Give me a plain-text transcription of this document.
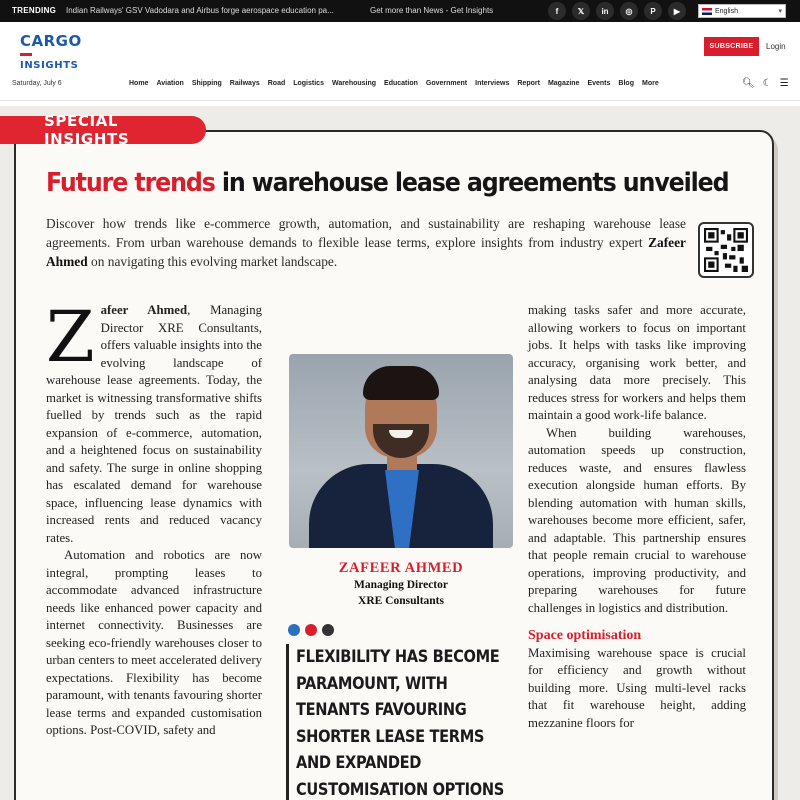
TRENDING Indian Railways' GSV Vadodara and Airbus forge aerospace education pa...	Get more than News - Get Insights	f	𝕏	in	◎	P	▶	English	▾
CARGO
INSIGHTS
SUBSCRIBE	Login
Saturday, July 6	Home Aviation Shipping Railways Road Logistics Warehousing Education Government Interviews Report Magazine Events Blog More	🔍︎ ☾ ☰
SPECIAL INSIGHTS
Future trends in warehouse lease agreements unveiled

Discover how trends like e-commerce growth, automation, and sustainability are reshaping warehouse lease agreements. From urban warehouse demands to flexible lease terms, explore insights from industry expert Zafeer Ahmed on navigating this evolving market landscape.

Z afeer Ahmed, Managing Director XRE Consultants, offers valuable insights into the evolving landscape of warehouse lease agreements. Today, the market is witnessing transformative shifts fuelled by trends such as the rapid expansion of e-commerce, automation, and a heightened focus on sustainability and safety. The surge in online shopping has escalated demand for warehouse space, influencing lease dynamics with increased rents and reduced vacancy rates.

Automation and robotics are now integral, prompting leases to accommodate advanced infrastructure needs like enhanced power capacity and internet connectivity. Businesses are seeking eco-friendly warehouses closer to urban centers to meet accelerated delivery expectations. Flexibility has become paramount, with tenants favouring shorter lease terms and expanded customisation options. Post-COVID, safety and

ZAFEER AHMED
Managing Director
XRE Consultants
FLEXIBILITY HAS BECOME PARAMOUNT, WITH TENANTS FAVOURING SHORTER LEASE TERMS AND EXPANDED CUSTOMISATION OPTIONS

making tasks safer and more accurate, allowing workers to focus on important jobs. It helps with tasks like improving accuracy, organising work better, and analysing data more precisely. This reduces stress for workers and helps them maintain a good work-life balance.

When building warehouses, automation speeds up construction, reduces waste, and ensures flawless execution alongside human efforts. By blending automation with human skills, warehouses become more efficient, safer, and adaptable. This partnership ensures that people remain crucial to warehouse operations, improving productivity, and preparing warehouses for future challenges in logistics and distribution.

Space optimisation

Maximising warehouse space is crucial for efficiency and growth without building more. Using multi-level racks that fit warehouse height, adding mezzanine floors for
